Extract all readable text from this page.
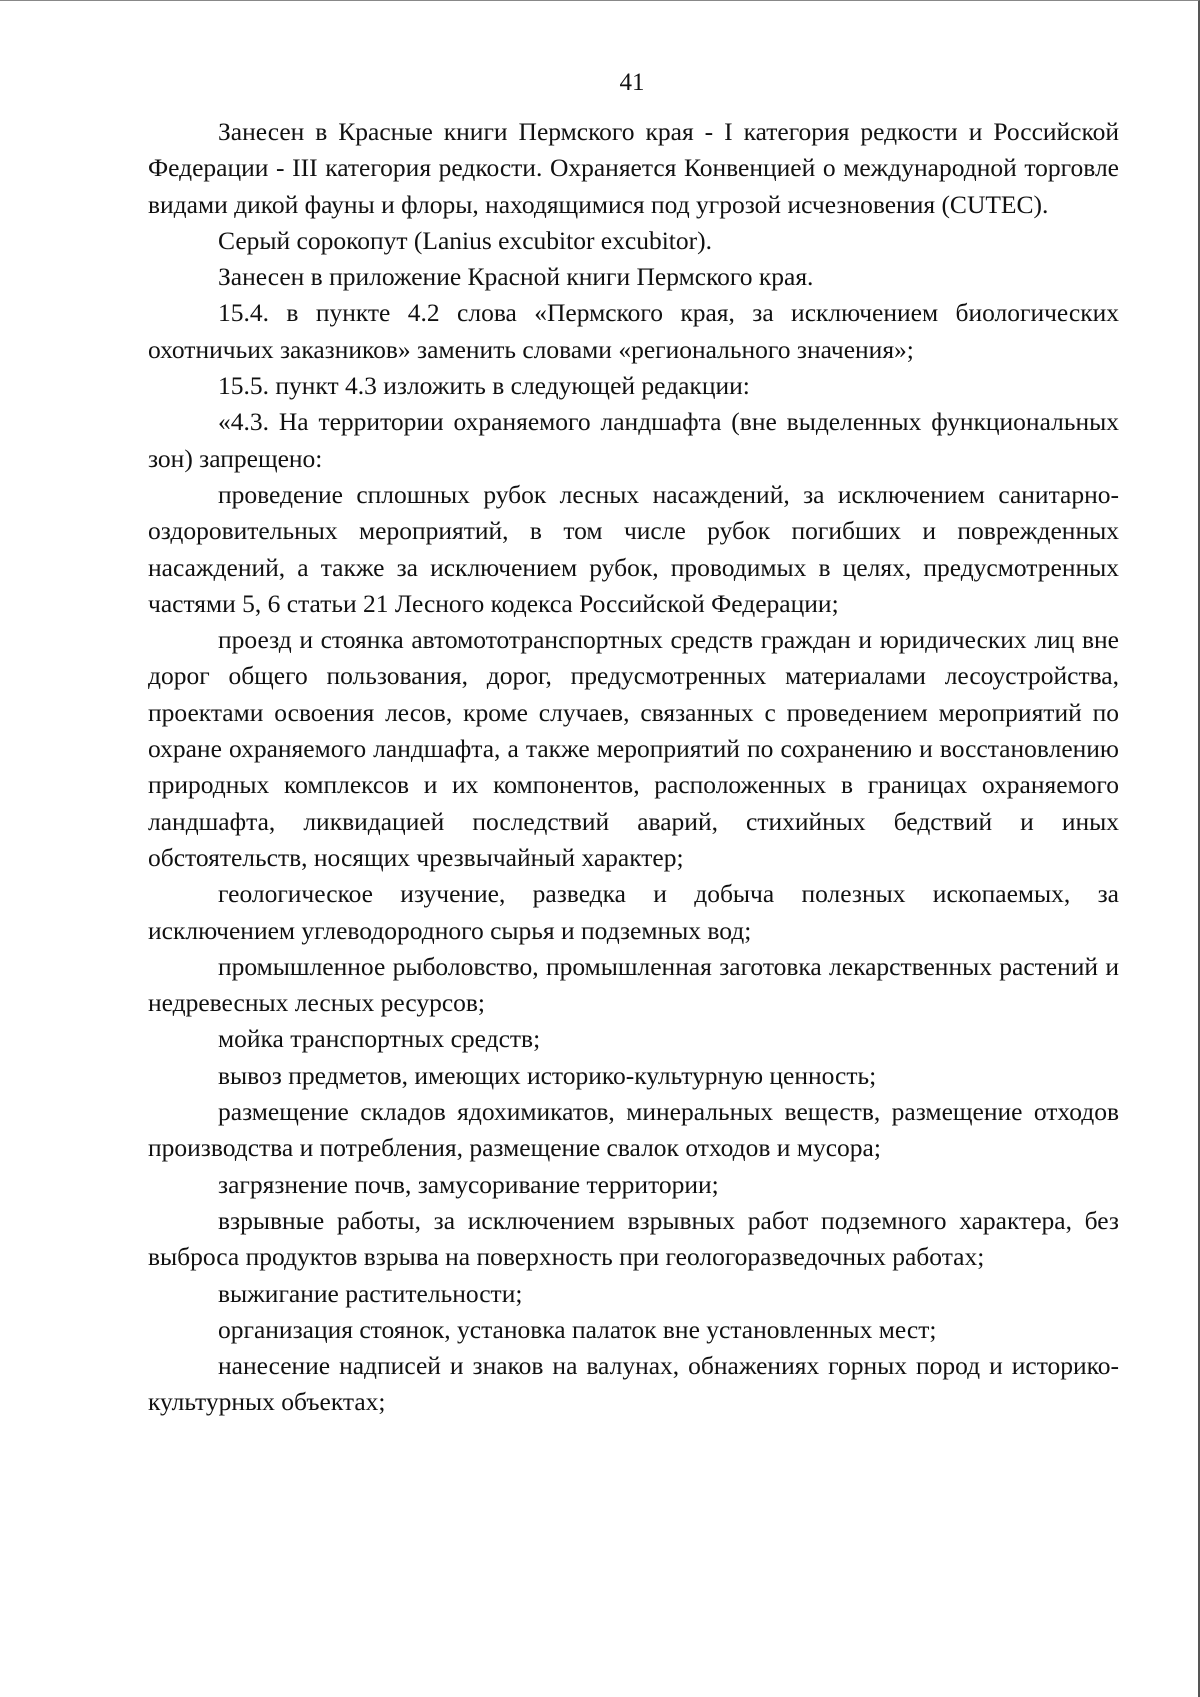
41

Занесен в Красные книги Пермского края - I категория редкости и Российской Федерации - III категория редкости. Охраняется Конвенцией о международной торговле видами дикой фауны и флоры, находящимися под угрозой исчезновения (CUTEC).

Серый сорокопут (Lanius excubitor excubitor).

Занесен в приложение Красной книги Пермского края.

15.4. в пункте 4.2 слова «Пермского края, за исключением биологических охотничьих заказников» заменить словами «регионального значения»;

15.5. пункт 4.3 изложить в следующей редакции:

«4.3. На территории охраняемого ландшафта (вне выделенных функциональных зон) запрещено:

проведение сплошных рубок лесных насаждений, за исключением санитарно-оздоровительных мероприятий, в том числе рубок погибших и поврежденных насаждений, а также за исключением рубок, проводимых в целях, предусмотренных частями 5, 6 статьи 21 Лесного кодекса Российской Федерации;

проезд и стоянка автомототранспортных средств граждан и юридических лиц вне дорог общего пользования, дорог, предусмотренных материалами лесоустройства, проектами освоения лесов, кроме случаев, связанных с проведением мероприятий по охране охраняемого ландшафта, а также мероприятий по сохранению и восстановлению природных комплексов и их компонентов, расположенных в границах охраняемого ландшафта, ликвидацией последствий аварий, стихийных бедствий и иных обстоятельств, носящих чрезвычайный характер;

геологическое изучение, разведка и добыча полезных ископаемых, за исключением углеводородного сырья и подземных вод;

промышленное рыболовство, промышленная заготовка лекарственных растений и недревесных лесных ресурсов;

мойка транспортных средств;

вывоз предметов, имеющих историко-культурную ценность;

размещение складов ядохимикатов, минеральных веществ, размещение отходов производства и потребления, размещение свалок отходов и мусора;

загрязнение почв, замусоривание территории;

взрывные работы, за исключением взрывных работ подземного характера, без выброса продуктов взрыва на поверхность при геологоразведочных работах;

выжигание растительности;

организация стоянок, установка палаток вне установленных мест;

нанесение надписей и знаков на валунах, обнажениях горных пород и историко-культурных объектах;
